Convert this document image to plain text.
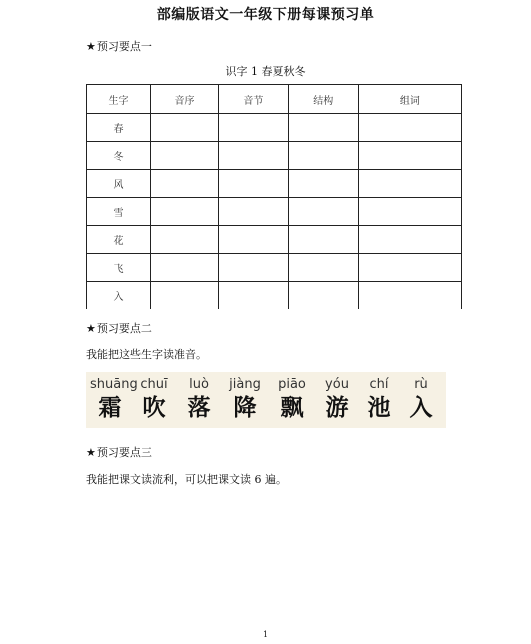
部编版语文一年级下册每课预习单
★预习要点一
识字 1 春夏秋冬
生字	音序	音节	结构	组词
春				
冬				
风				
雪				
花				
飞				
入				
★预习要点二
我能把这些生字读准音。
shuāng
霜
chuī
吹
luò
落
jiàng
降
piāo
飘
yóu
游
chí
池
rù
入
★预习要点三
我能把课文读流利，可以把课文读 6 遍。
1
